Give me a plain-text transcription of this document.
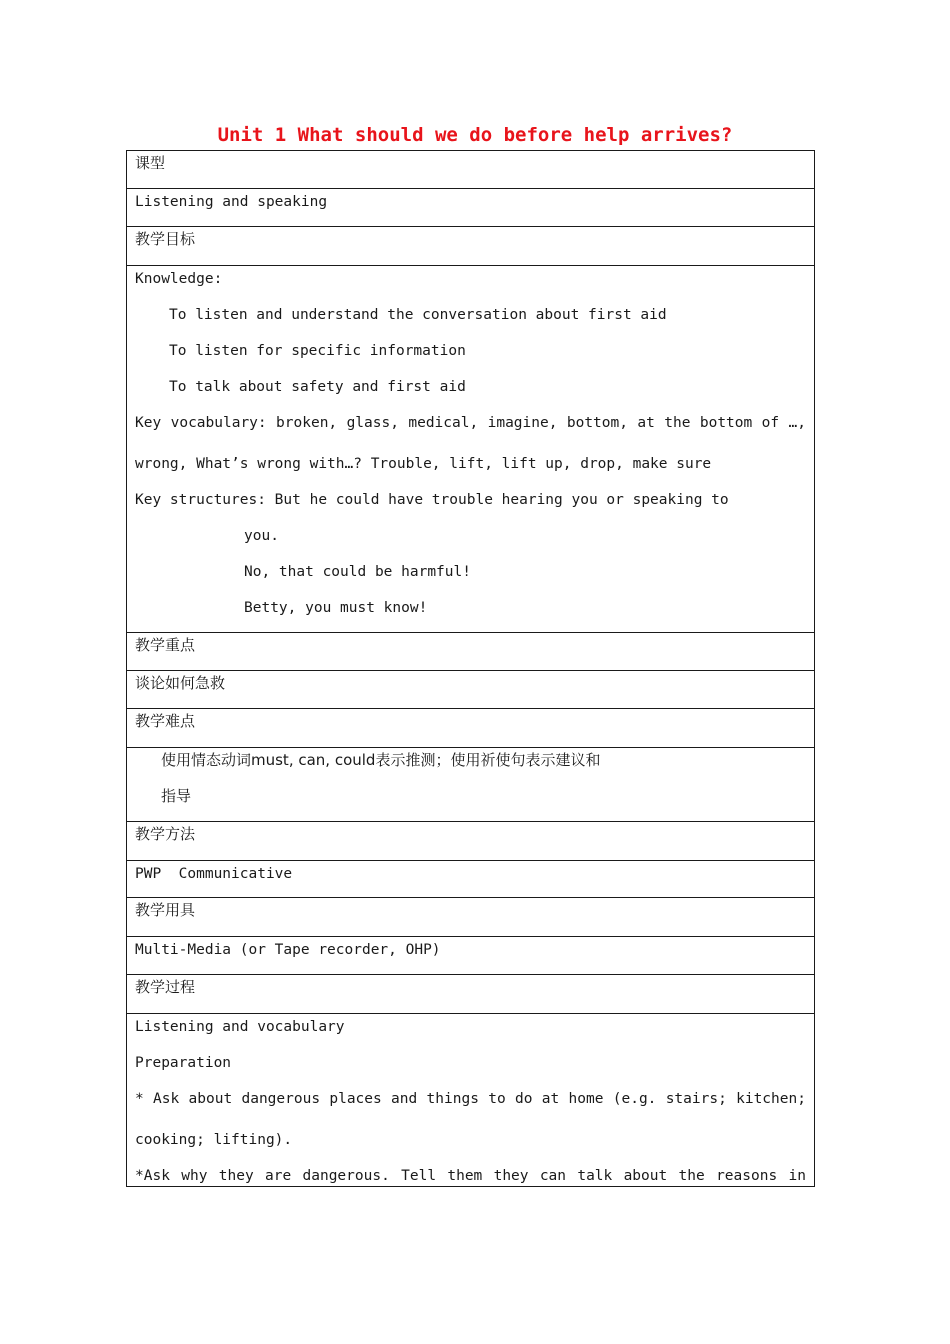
Unit 1 What should we do before help arrives?
课型
Listening and speaking
教学目标
Knowledge:
To listen and understand the conversation about first aid
To listen for specific information
To talk about safety and first aid
Key vocabulary: broken, glass, medical, imagine, bottom, at the bottom of …,
wrong, What’s wrong with…? Trouble, lift, lift up, drop, make sure
Key structures: But he could have trouble hearing you or speaking to
you.
No, that could be harmful!
Betty, you must know!
教学重点
谈论如何急救
教学难点
使用情态动词must, can, could表示推测；使用祈使句表示建议和
指导
教学方法
PWP  Communicative
教学用具
Multi-Media (or Tape recorder, OHP)
教学过程
Listening and vocabulary
Preparation
* Ask about dangerous places and things to do at home (e.g. stairs; kitchen;
cooking; lifting).
*Ask why they are dangerous. Tell them they can talk about the reasons in
